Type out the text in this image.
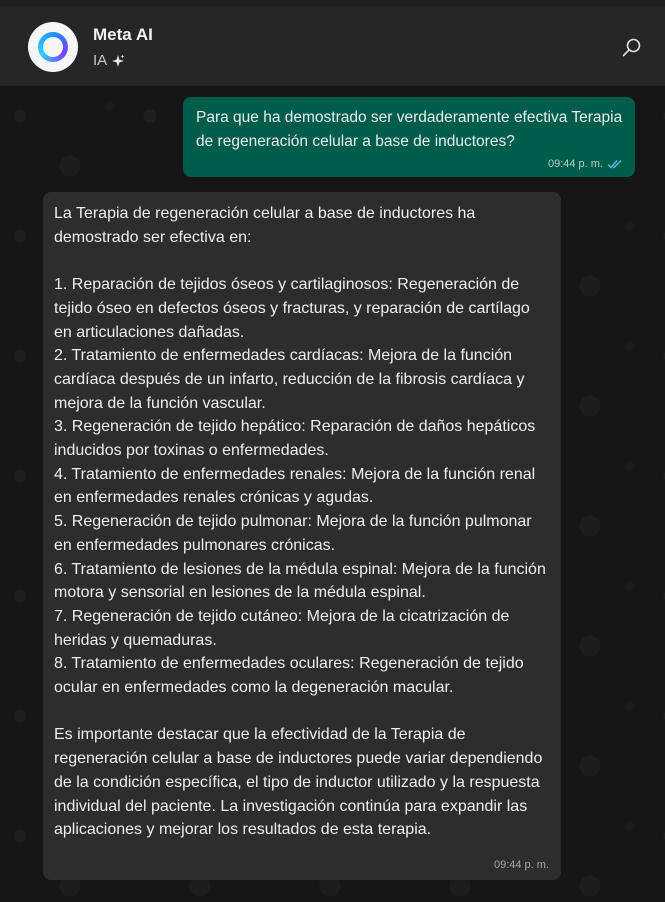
Meta AI
IA
Para que ha demostrado ser verdaderamente efectiva Terapia de regeneración celular a base de inductores?
09:44 p. m.

La Terapia de regeneración celular a base de inductores ha demostrado ser efectiva en:

1. Reparación de tejidos óseos y cartilaginosos: Regeneración de tejido óseo en defectos óseos y fracturas, y reparación de cartílago en articulaciones dañadas.

2. Tratamiento de enfermedades cardíacas: Mejora de la función cardíaca después de un infarto, reducción de la fibrosis cardíaca y mejora de la función vascular.

3. Regeneración de tejido hepático: Reparación de daños hepáticos inducidos por toxinas o enfermedades.

4. Tratamiento de enfermedades renales: Mejora de la función renal en enfermedades renales crónicas y agudas.

5. Regeneración de tejido pulmonar: Mejora de la función pulmonar en enfermedades pulmonares crónicas.

6. Tratamiento de lesiones de la médula espinal: Mejora de la función motora y sensorial en lesiones de la médula espinal.

7. Regeneración de tejido cutáneo: Mejora de la cicatrización de heridas y quemaduras.

8. Tratamiento de enfermedades oculares: Regeneración de tejido ocular en enfermedades como la degeneración macular.

Es importante destacar que la efectividad de la Terapia de regeneración celular a base de inductores puede variar dependiendo de la condición específica, el tipo de inductor utilizado y la respuesta individual del paciente. La investigación continúa para expandir las aplicaciones y mejorar los resultados de esta terapia.

09:44 p. m.
